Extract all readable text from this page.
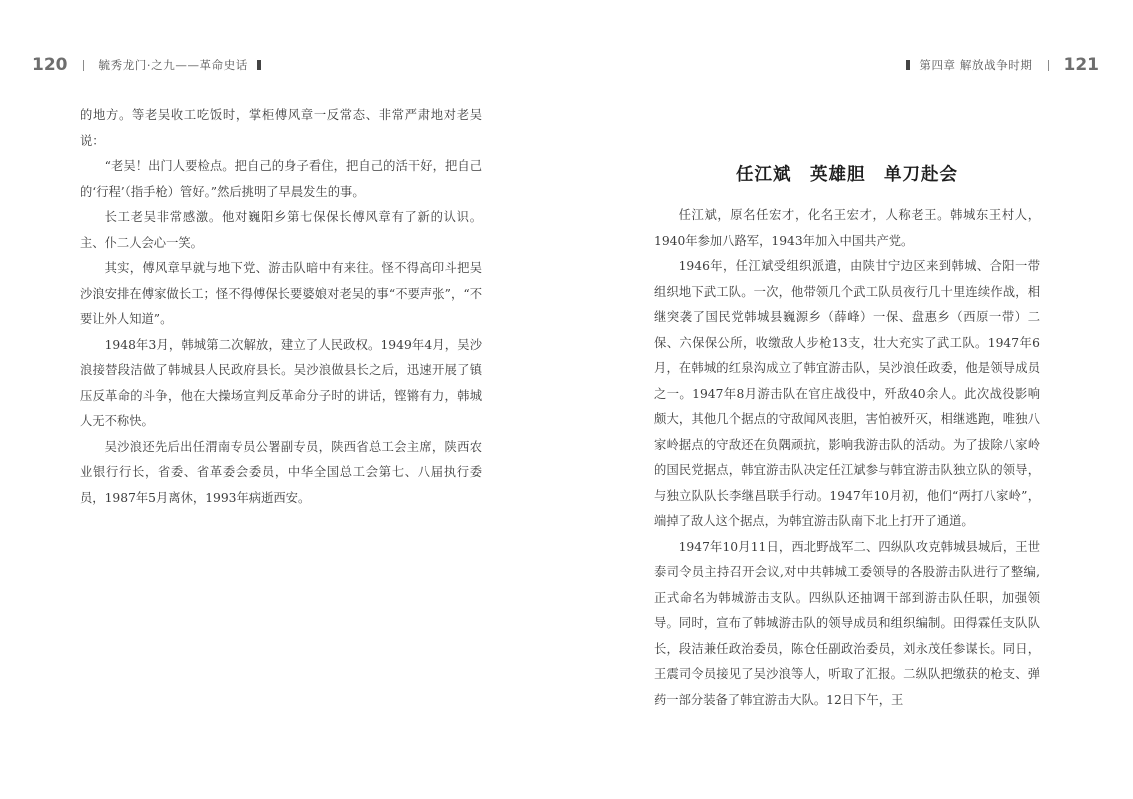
120	毓秀龙门·之九——革命史话

的地方。等老吴收工吃饭时，掌柜傅风章一反常态、非常严肃地对老吴说：

“老吴！出门人要检点。把自己的身子看住，把自己的活干好，把自己的‘行程’（指手枪）管好。”然后挑明了早晨发生的事。

长工老吴非常感激。他对巍阳乡第七保保长傅风章有了新的认识。主、仆二人会心一笑。

其实，傅风章早就与地下党、游击队暗中有来往。怪不得高印斗把吴沙浪安排在傅家做长工；怪不得傅保长要婆娘对老吴的事“不要声张”，“不要让外人知道”。

1948年3月，韩城第二次解放，建立了人民政权。1949年4月，吴沙浪接替段洁做了韩城县人民政府县长。吴沙浪做县长之后，迅速开展了镇压反革命的斗争，他在大操场宣判反革命分子时的讲话，铿锵有力，韩城人无不称快。

吴沙浪还先后出任渭南专员公署副专员，陕西省总工会主席，陕西农业银行行长，省委、省革委会委员，中华全国总工会第七、八届执行委员，1987年5月离休，1993年病逝西安。

第四章 解放战争时期 121
任江斌　英雄胆　单刀赴会

任江斌，原名任宏才，化名王宏才，人称老王。韩城东王村人，1940年参加八路军，1943年加入中国共产党。

1946年，任江斌受组织派遣，由陕甘宁边区来到韩城、合阳一带组织地下武工队。一次，他带领几个武工队员夜行几十里连续作战，相继突袭了国民党韩城县巍源乡（薛峰）一保、盘惠乡（西原一带）二保、六保保公所，收缴敌人步枪13支，壮大充实了武工队。1947年6月，在韩城的红泉沟成立了韩宜游击队，吴沙浪任政委，他是领导成员之一。1947年8月游击队在官庄战役中，歼敌40余人。此次战役影响颇大，其他几个据点的守敌闻风丧胆，害怕被歼灭，相继逃跑，唯独八家岭据点的守敌还在负隅顽抗，影响我游击队的活动。为了拔除八家岭的国民党据点，韩宜游击队决定任江斌参与韩宜游击队独立队的领导，与独立队队长李继昌联手行动。1947年10月初，他们“两打八家岭”，端掉了敌人这个据点，为韩宜游击队南下北上打开了通道。

1947年10月11日，西北野战军二、四纵队攻克韩城县城后，王世泰司令员主持召开会议,对中共韩城工委领导的各股游击队进行了整编,正式命名为韩城游击支队。四纵队还抽调干部到游击队任职，加强领导。同时，宣布了韩城游击队的领导成员和组织编制。田得霖任支队队长，段洁兼任政治委员，陈仓任副政治委员，刘永茂任参谋长。同日，王震司令员接见了吴沙浪等人，听取了汇报。二纵队把缴获的枪支、弹药一部分装备了韩宜游击大队。12日下午，王
